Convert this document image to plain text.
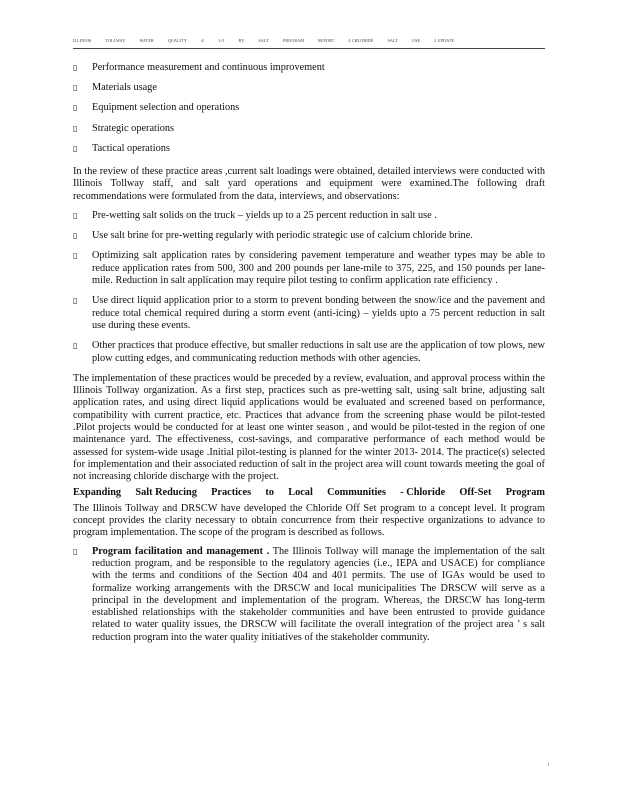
ILLINOIS	TOLLWAY	WATER	QUALITY	4/	2-5	BY	SALT	PROGRAM	REPORT	4 CHLORIDE	SALT	USE	2 UPDATE
▯	Performance measurement and continuous improvement
▯	Materials usage
▯	Equipment selection and operations
▯	Strategic operations
▯	Tactical operations

In the review of these practice areas ,current salt loadings were obtained, detailed interviews were conducted with Illinois Tollway staff, and salt yard operations and equipment were examined.The following draft recommendations were formulated from the data, interviews, and observations:

▯	Pre-wetting salt solids on the truck – yields up to a 25 percent reduction in salt use .
▯	Use salt brine for pre-wetting regularly with periodic strategic use of calcium chloride brine.
▯	Optimizing salt application rates by considering pavement temperature and weather types may be able to reduce application rates from 500, 300 and 200 pounds per lane-mile to 375, 225, and 150 pounds per lane-mile. Reduction in salt application may require pilot testing to confirm application rate efficiency .
▯	Use direct liquid application prior to a storm to prevent bonding between the snow/ice and the pavement and reduce total chemical required during a storm event (anti-icing) – yields upto a 75 percent reduction in salt use during these events.
▯	Other practices that produce effective, but smaller reductions in salt use are the application of tow plows, new plow cutting edges, and communicating reduction methods with other agencies.

The implementation of these practices would be preceded by a review, evaluation, and approval process within the Illinois Tollway organization. As a first step, practices such as pre-wetting salt, using salt brine, adjusting salt application rates, and using direct liquid applications would be evaluated and screened based on performance, compatibility with current practice, etc. Practices that advance from the screening phase would be pilot-tested .Pilot projects would be conducted for at least one winter season , and would be pilot-tested in the region of one maintenance yard. The effectiveness, cost-savings, and comparative performance of each method would be assessed for system-wide usage .Initial pilot-testing is planned for the winter 2013- 2014. The practice(s) selected for implementation and their associated reduction of salt in the project area will count towards meeting the goal of not increasing chloride discharge with the project.

Expanding Salt Reducing Practices to Local Communities - Chloride Off-Set Program

The Illinois Tollway and DRSCW have developed the Chloride Off Set program to a concept level. It program concept provides the clarity necessary to obtain concurrence from their respective organizations to advance to program implementation. The scope of the program is described as follows.

▯	Program facilitation and management . The Illinois Tollway will manage the implementation of the salt reduction program, and be responsible to the regulatory agencies (i.e., IEPA and USACE) for compliance with the terms and conditions of the Section 404 and 401 permits. The use of IGAs would be used to formalize working arrangements with the DRSCW and local municipalities The DRSCW will serve as a principal in the development and implementation of the program. Whereas, the DRSCW has long-term established relationships with the stakeholder communities and have been entrusted to provide guidance related to water quality issues, the DRSCW will facilitate the overall integration of the project area ’ s salt reduction program into the water quality initiatives of the stakeholder community.
i
